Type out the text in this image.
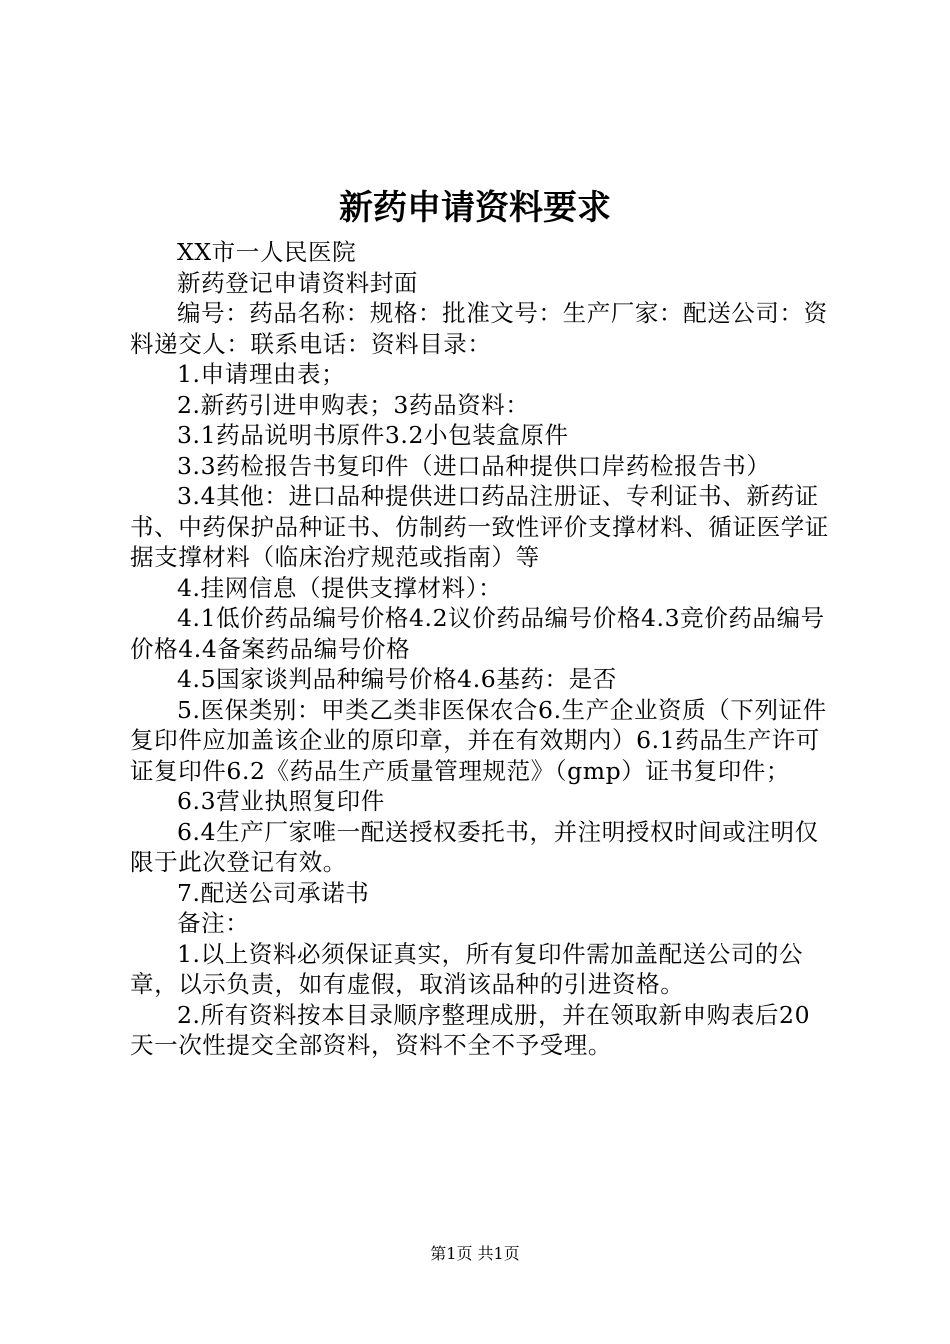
新药申请资料要求

XX市一人民医院

新药登记申请资料封面

编号：药品名称：规格：批准文号：生产厂家：配送公司：资料递交人：联系电话：资料目录：

1.申请理由表；

2.新药引进申购表；3药品资料：

3.1药品说明书原件3.2小包装盒原件

3.3药检报告书复印件（进口品种提供口岸药检报告书）

3.4其他：进口品种提供进口药品注册证、专利证书、新药证书、中药保护品种证书、仿制药一致性评价支撑材料、循证医学证据支撑材料（临床治疗规范或指南）等

4.挂网信息（提供支撑材料）：

4.1低价药品编号价格4.2议价药品编号价格4.3竞价药品编号价格4.4备案药品编号价格

4.5国家谈判品种编号价格4.6基药：是否

5.医保类别：甲类乙类非医保农合6.生产企业资质（下列证件复印件应加盖该企业的原印章，并在有效期内）6.1药品生产许可证复印件6.2《药品生产质量管理规范》（gmp）证书复印件；

6.3营业执照复印件

6.4生产厂家唯一配送授权委托书，并注明授权时间或注明仅限于此次登记有效。

7.配送公司承诺书

备注：

1.以上资料必须保证真实，所有复印件需加盖配送公司的公章，以示负责，如有虚假，取消该品种的引进资格。

2.所有资料按本目录顺序整理成册，并在领取新申购表后20天一次性提交全部资料，资料不全不予受理。

第1页 共1页
